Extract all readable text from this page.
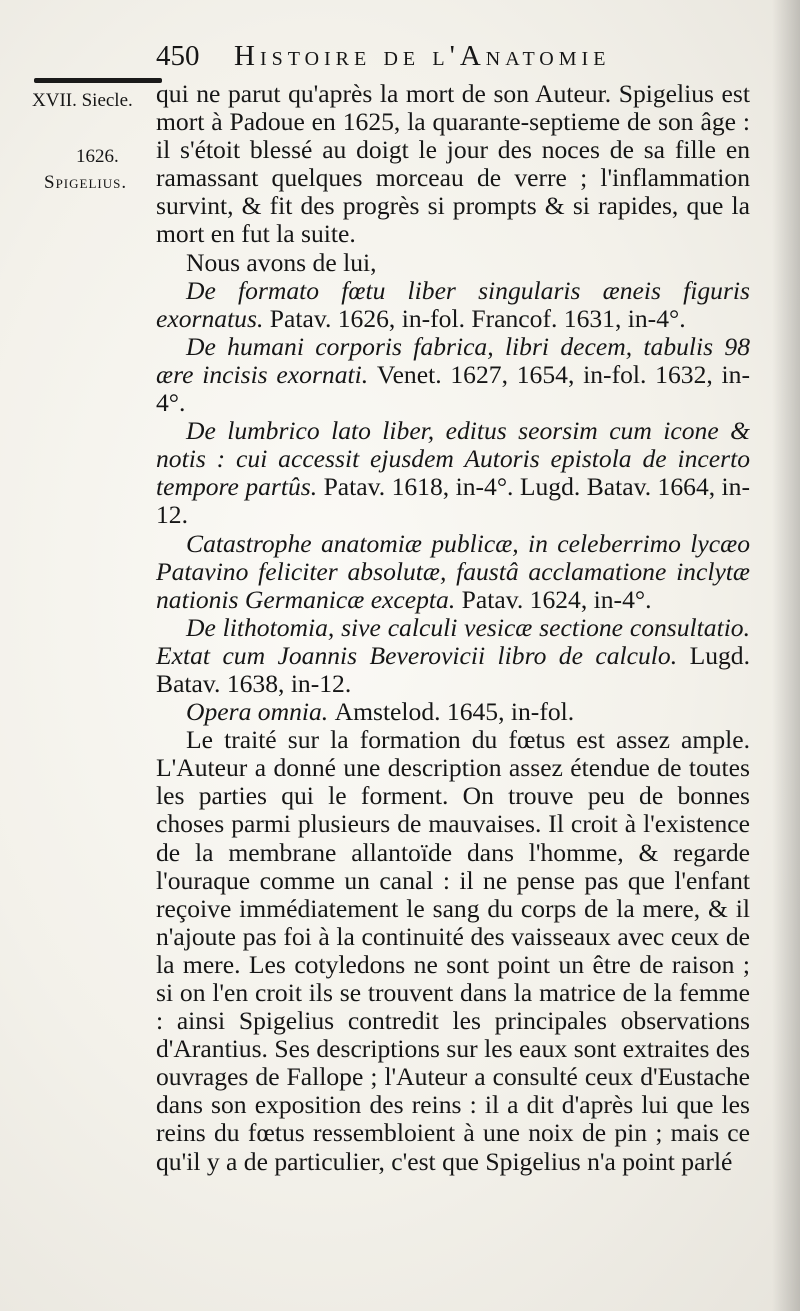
450 Histoire de l'Anatomie
XVII. Siecle.
1626.
Spigelius.

qui ne parut qu'après la mort de son Auteur. Spigelius est mort à Padoue en 1625, la quarante-septieme de son âge : il s'étoit blessé au doigt le jour des noces de sa fille en ramassant quelques morceau de verre ; l'inflammation survint, & fit des progrès si prompts & si rapides, que la mort en fut la suite.

Nous avons de lui,

De formato fœtu liber singularis æneis figuris exornatus. Patav. 1626, in-fol. Francof. 1631, in-4°.

De humani corporis fabrica, libri decem, tabulis 98 ære incisis exornati. Venet. 1627, 1654, in-fol. 1632, in-4°.

De lumbrico lato liber, editus seorsim cum icone & notis : cui accessit ejusdem Autoris epistola de incerto tempore partûs. Patav. 1618, in-4°. Lugd. Batav. 1664, in-12.

Catastrophe anatomiæ publicæ, in celeberrimo lycæo Patavino feliciter absolutæ, faustâ acclamatione inclytæ nationis Germanicæ excepta. Patav. 1624, in-4°.

De lithotomia, sive calculi vesicæ sectione consultatio. Extat cum Joannis Beverovicii libro de calculo. Lugd. Batav. 1638, in-12.

Opera omnia. Amstelod. 1645, in-fol.

Le traité sur la formation du fœtus est assez ample. L'Auteur a donné une description assez étendue de toutes les parties qui le forment. On trouve peu de bonnes choses parmi plusieurs de mauvaises. Il croit à l'existence de la membrane allantoïde dans l'homme, & regarde l'ouraque comme un canal : il ne pense pas que l'enfant reçoive immédiatement le sang du corps de la mere, & il n'ajoute pas foi à la continuité des vaisseaux avec ceux de la mere. Les cotyledons ne sont point un être de raison ; si on l'en croit ils se trouvent dans la matrice de la femme : ainsi Spigelius contredit les principales observations d'Arantius. Ses descriptions sur les eaux sont extraites des ouvrages de Fallope ; l'Auteur a consulté ceux d'Eustache dans son exposition des reins : il a dit d'après lui que les reins du fœtus ressembloient à une noix de pin ; mais ce qu'il y a de particulier, c'est que Spigelius n'a point parlé
